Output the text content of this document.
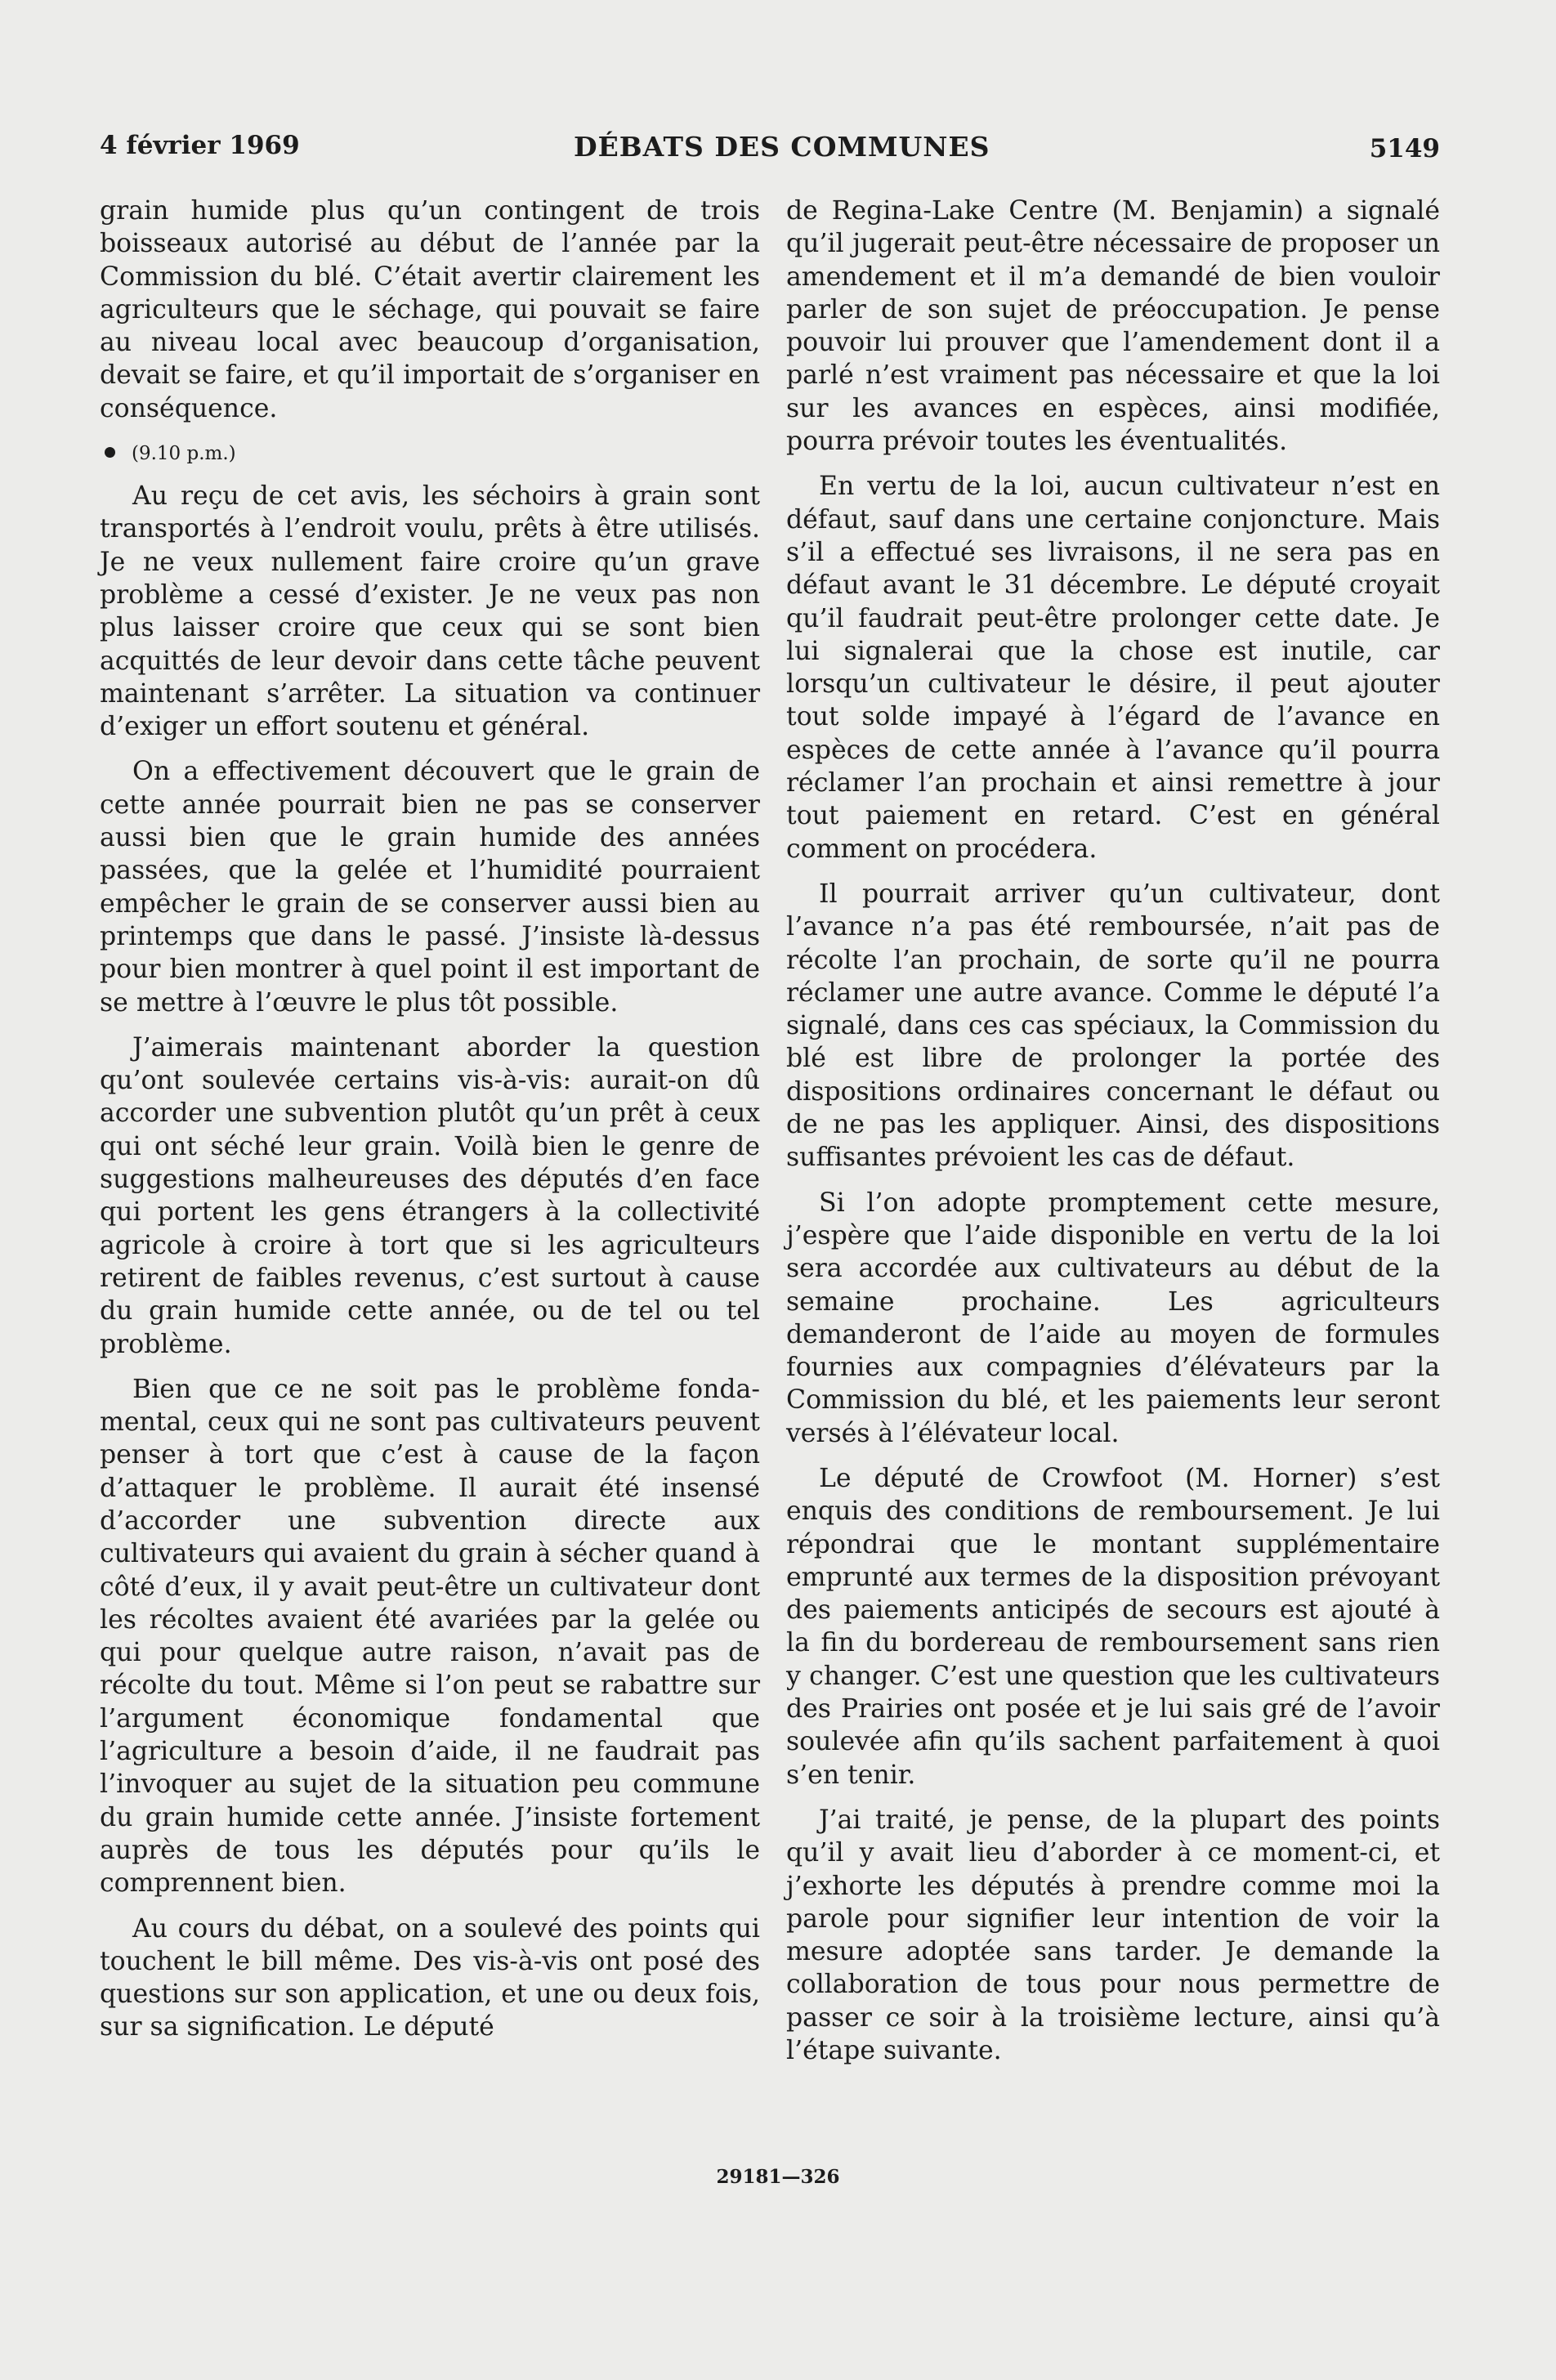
4 février 1969	DÉBATS DES COMMUNES	5149

grain humide plus qu’un contingent de trois boisseaux autorisé au début de l’année par la Commission du blé. C’était avertir clairement les agriculteurs que le séchage, qui pouvait se faire au niveau local avec beaucoup d’organisation, devait se faire, et qu’il importait de s’organiser en conséquence.

(9.10 p.m.)

Au reçu de cet avis, les séchoirs à grain sont transportés à l’endroit voulu, prêts à être utilisés. Je ne veux nullement faire croire qu’un grave problème a cessé d’exister. Je ne veux pas non plus laisser croire que ceux qui se sont bien acquittés de leur devoir dans cette tâche peuvent maintenant s’arrêter. La situation va continuer d’exiger un effort soutenu et général.

On a effectivement découvert que le grain de cette année pourrait bien ne pas se conserver aussi bien que le grain humide des années passées, que la gelée et l’humidité pourraient empêcher le grain de se conserver aussi bien au printemps que dans le passé. J’insiste là-dessus pour bien montrer à quel point il est important de se mettre à l’œuvre le plus tôt possible.

J’aimerais maintenant aborder la question qu’ont soulevée certains vis-à-vis: aurait-on dû accorder une subvention plutôt qu’un prêt à ceux qui ont séché leur grain. Voilà bien le genre de suggestions malheureuses des députés d’en face qui portent les gens étrangers à la collectivité agricole à croire à tort que si les agriculteurs retirent de faibles revenus, c’est surtout à cause du grain humide cette année, ou de tel ou tel problème.

Bien que ce ne soit pas le problème fondamental, ceux qui ne sont pas cultivateurs peuvent penser à tort que c’est à cause de la façon d’attaquer le problème. Il aurait été insensé d’accorder une subvention directe aux cultivateurs qui avaient du grain à sécher quand à côté d’eux, il y avait peut-être un cultivateur dont les récoltes avaient été avariées par la gelée ou qui pour quelque autre raison, n’avait pas de récolte du tout. Même si l’on peut se rabattre sur l’argument économique fondamental que l’agriculture a besoin d’aide, il ne faudrait pas l’invoquer au sujet de la situation peu commune du grain humide cette année. J’insiste fortement auprès de tous les députés pour qu’ils le comprennent bien.

Au cours du débat, on a soulevé des points qui touchent le bill même. Des vis-à-vis ont posé des questions sur son application, et une ou deux fois, sur sa signification. Le député

de Regina-Lake Centre (M. Benjamin) a signalé qu’il jugerait peut-être nécessaire de proposer un amendement et il m’a demandé de bien vouloir parler de son sujet de préoccupation. Je pense pouvoir lui prouver que l’amendement dont il a parlé n’est vraiment pas nécessaire et que la loi sur les avances en espèces, ainsi modifiée, pourra prévoir toutes les éventualités.

En vertu de la loi, aucun cultivateur n’est en défaut, sauf dans une certaine conjoncture. Mais s’il a effectué ses livraisons, il ne sera pas en défaut avant le 31 décembre. Le député croyait qu’il faudrait peut-être prolonger cette date. Je lui signalerai que la chose est inutile, car lorsqu’un cultivateur le désire, il peut ajouter tout solde impayé à l’égard de l’avance en espèces de cette année à l’avance qu’il pourra réclamer l’an prochain et ainsi remettre à jour tout paiement en retard. C’est en général comment on procédera.

Il pourrait arriver qu’un cultivateur, dont l’avance n’a pas été remboursée, n’ait pas de récolte l’an prochain, de sorte qu’il ne pourra réclamer une autre avance. Comme le député l’a signalé, dans ces cas spéciaux, la Commission du blé est libre de prolonger la portée des dispositions ordinaires concernant le défaut ou de ne pas les appliquer. Ainsi, des dispositions suffisantes prévoient les cas de défaut.

Si l’on adopte promptement cette mesure, j’espère que l’aide disponible en vertu de la loi sera accordée aux cultivateurs au début de la semaine prochaine. Les agriculteurs demanderont de l’aide au moyen de formules fournies aux compagnies d’élévateurs par la Commission du blé, et les paiements leur seront versés à l’élévateur local.

Le député de Crowfoot (M. Horner) s’est enquis des conditions de remboursement. Je lui répondrai que le montant supplémentaire emprunté aux termes de la disposition prévoyant des paiements anticipés de secours est ajouté à la fin du bordereau de remboursement sans rien y changer. C’est une question que les cultivateurs des Prairies ont posée et je lui sais gré de l’avoir soulevée afin qu’ils sachent parfaitement à quoi s’en tenir.

J’ai traité, je pense, de la plupart des points qu’il y avait lieu d’aborder à ce moment-ci, et j’exhorte les députés à prendre comme moi la parole pour signifier leur intention de voir la mesure adoptée sans tarder. Je demande la collaboration de tous pour nous permettre de passer ce soir à la troisième lecture, ainsi qu’à l’étape suivante.

29181—326
